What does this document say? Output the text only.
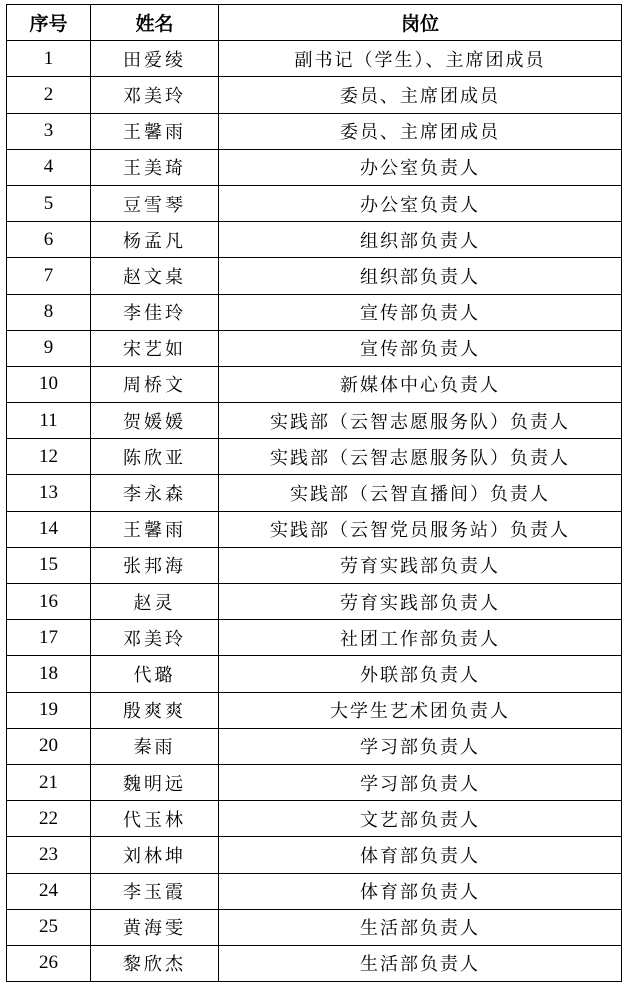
序号	姓名	岗位
1	田爱绫	副书记（学生）、主席团成员
2	邓美玲	委员、主席团成员
3	王馨雨	委员、主席团成员
4	王美琦	办公室负责人
5	豆雪琴	办公室负责人
6	杨孟凡	组织部负责人
7	赵文桌	组织部负责人
8	李佳玲	宣传部负责人
9	宋艺如	宣传部负责人
10	周桥文	新媒体中心负责人
11	贺媛媛	实践部（云智志愿服务队）负责人
12	陈欣亚	实践部（云智志愿服务队）负责人
13	李永森	实践部（云智直播间）负责人
14	王馨雨	实践部（云智党员服务站）负责人
15	张邦海	劳育实践部负责人
16	赵灵	劳育实践部负责人
17	邓美玲	社团工作部负责人
18	代璐	外联部负责人
19	殷爽爽	大学生艺术团负责人
20	秦雨	学习部负责人
21	魏明远	学习部负责人
22	代玉林	文艺部负责人
23	刘林坤	体育部负责人
24	李玉霞	体育部负责人
25	黄海雯	生活部负责人
26	黎欣杰	生活部负责人
